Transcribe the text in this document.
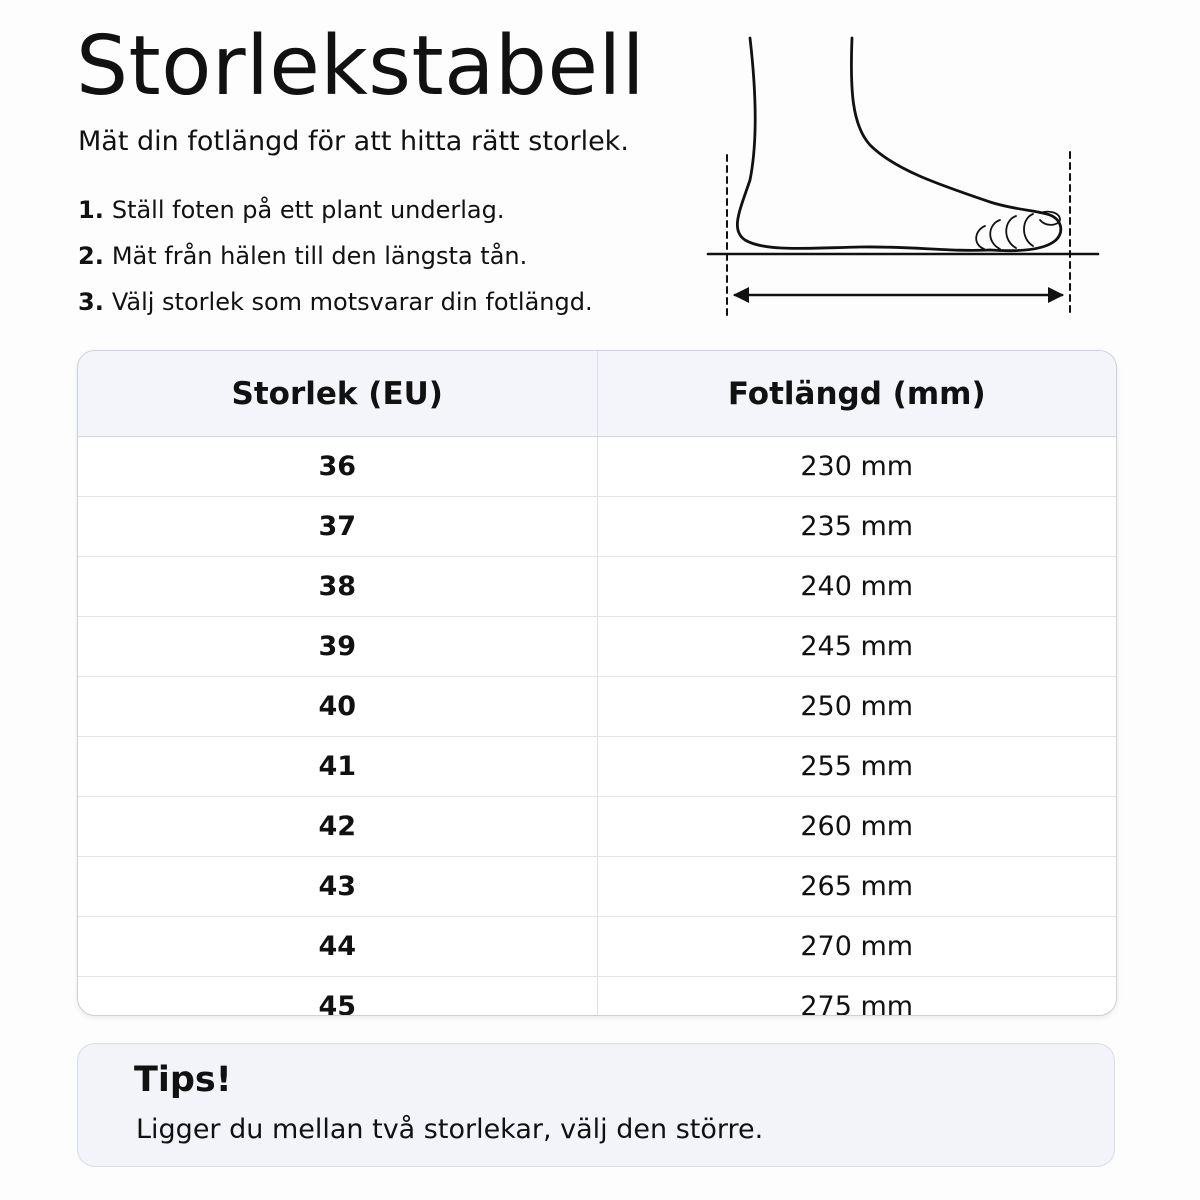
Storlekstabell

Mät din fotlängd för att hitta rätt storlek.

1. Ställ foten på ett plant underlag.
2. Mät från hälen till den längsta tån.
3. Välj storlek som motsvarar din fotlängd.
Storlek (EU)	Fotlängd (mm)
36	230 mm
37	235 mm
38	240 mm
39	245 mm
40	250 mm
41	255 mm
42	260 mm
43	265 mm
44	270 mm
45	275 mm
Tips!

Ligger du mellan två storlekar, välj den större.
